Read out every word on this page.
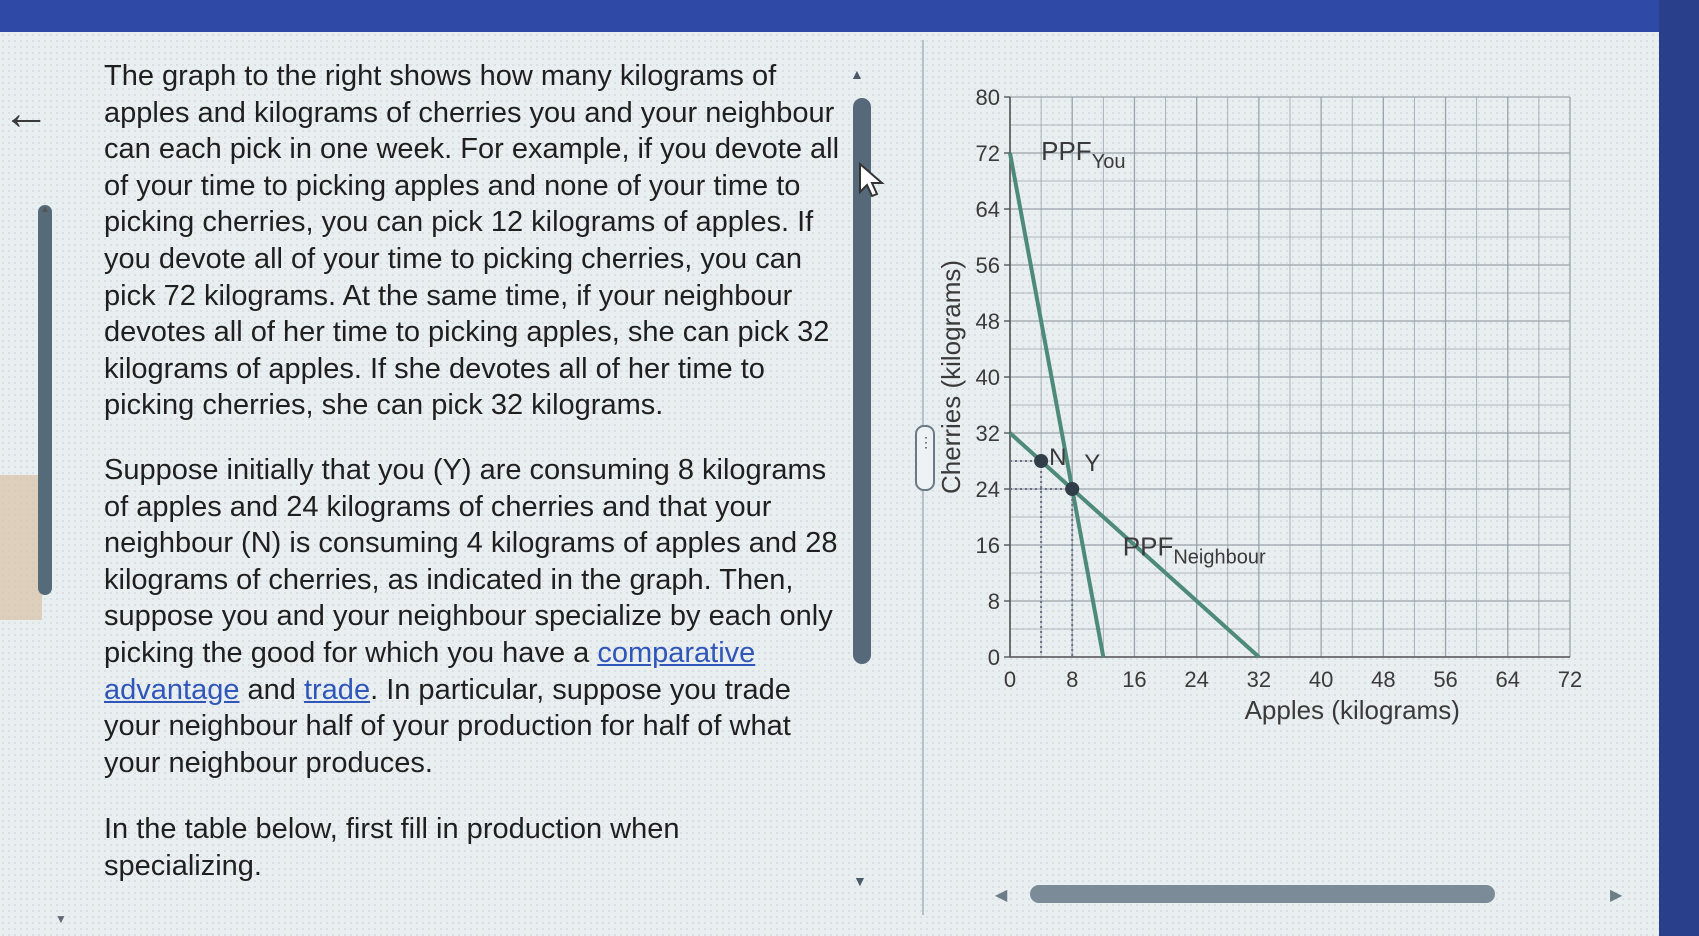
←
▲
▼

The graph to the right shows how many kilograms of apples and kilograms of cherries you and your neighbour can each pick in one week. For example, if you devote all of your time to picking apples and none of your time to picking cherries, you can pick 12 kilograms of apples. If you devote all of your time to picking cherries, you can pick 72 kilograms. At the same time, if your neighbour devotes all of her time to picking apples, she can pick 32 kilograms of apples. If she devotes all of her time to picking cherries, she can pick 32 kilograms.

Suppose initially that you (Y) are consuming 8 kilograms of apples and 24 kilograms of cherries and that your neighbour (N) is consuming 4 kilograms of apples and 28 kilograms of cherries, as indicated in the graph. Then, suppose you and your neighbour specialize by each only picking the good for which you have a comparative advantage and trade. In particular, suppose you trade your neighbour half of your production for half of what your neighbour produces.

In the table below, first fill in production when specializing.

▲
▼
⋮
0
8
16
24
32
40
48
56
64
72
80
0 8 16 24 32 40 48 56 64 72
$PPF_{You}$
$PPF_{Neighbour}$
N Y
Cherries (kilograms)
Apples (kilograms)
◀	▶
